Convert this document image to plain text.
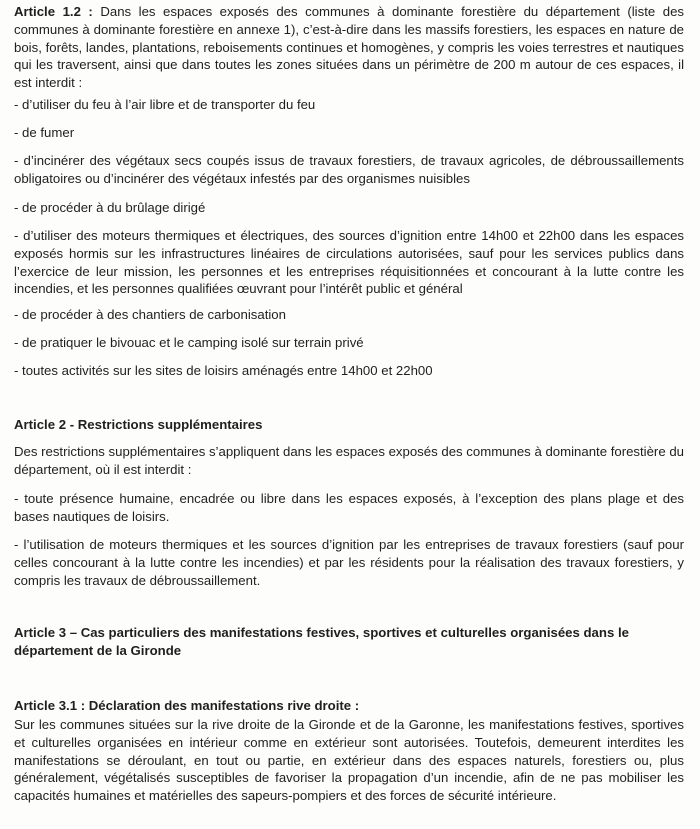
Article 1.2 : Dans les espaces exposés des communes à dominante forestière du département (liste des communes à dominante forestière en annexe 1), c’est-à-dire dans les massifs forestiers, les espaces en nature de bois, forêts, landes, plantations, reboisements continues et homogènes, y compris les voies terrestres et nautiques qui les traversent, ainsi que dans toutes les zones situées dans un périmètre de 200 m autour de ces espaces, il est interdit :

- d’utiliser du feu à l’air libre et de transporter du feu

- de fumer

- d’incinérer des végétaux secs coupés issus de travaux forestiers, de travaux agricoles, de débroussaillements obligatoires ou d’incinérer des végétaux infestés par des organismes nuisibles

- de procéder à du brûlage dirigé

- d’utiliser des moteurs thermiques et électriques, des sources d’ignition entre 14h00 et 22h00 dans les espaces exposés hormis sur les infrastructures linéaires de circulations autorisées, sauf pour les services publics dans l’exercice de leur mission, les personnes et les entreprises réquisitionnées et concourant à la lutte contre les incendies, et les personnes qualifiées œuvrant pour l’intérêt public et général

- de procéder à des chantiers de carbonisation

- de pratiquer le bivouac et le camping isolé sur terrain privé

- toutes activités sur les sites de loisirs aménagés entre 14h00 et 22h00

Article 2 - Restrictions supplémentaires

Des restrictions supplémentaires s’appliquent dans les espaces exposés des communes à dominante forestière du département, où il est interdit :

- toute présence humaine, encadrée ou libre dans les espaces exposés, à l’exception des plans plage et des bases nautiques de loisirs.

- l’utilisation de moteurs thermiques et les sources d’ignition par les entreprises de travaux forestiers (sauf pour celles concourant à la lutte contre les incendies) et par les résidents pour la réalisation des travaux forestiers, y compris les travaux de débroussaillement.

Article 3 – Cas particuliers des manifestations festives, sportives et culturelles organisées dans le département de la Gironde

Article 3.1 : Déclaration des manifestations rive droite :

Sur les communes situées sur la rive droite de la Gironde et de la Garonne, les manifestations festives, sportives et culturelles organisées en intérieur comme en extérieur sont autorisées. Toutefois, demeurent interdites les manifestations se déroulant, en tout ou partie, en extérieur dans des espaces naturels, forestiers ou, plus généralement, végétalisés susceptibles de favoriser la propagation d’un incendie, afin de ne pas mobiliser les capacités humaines et matérielles des sapeurs-pompiers et des forces de sécurité intérieure.
